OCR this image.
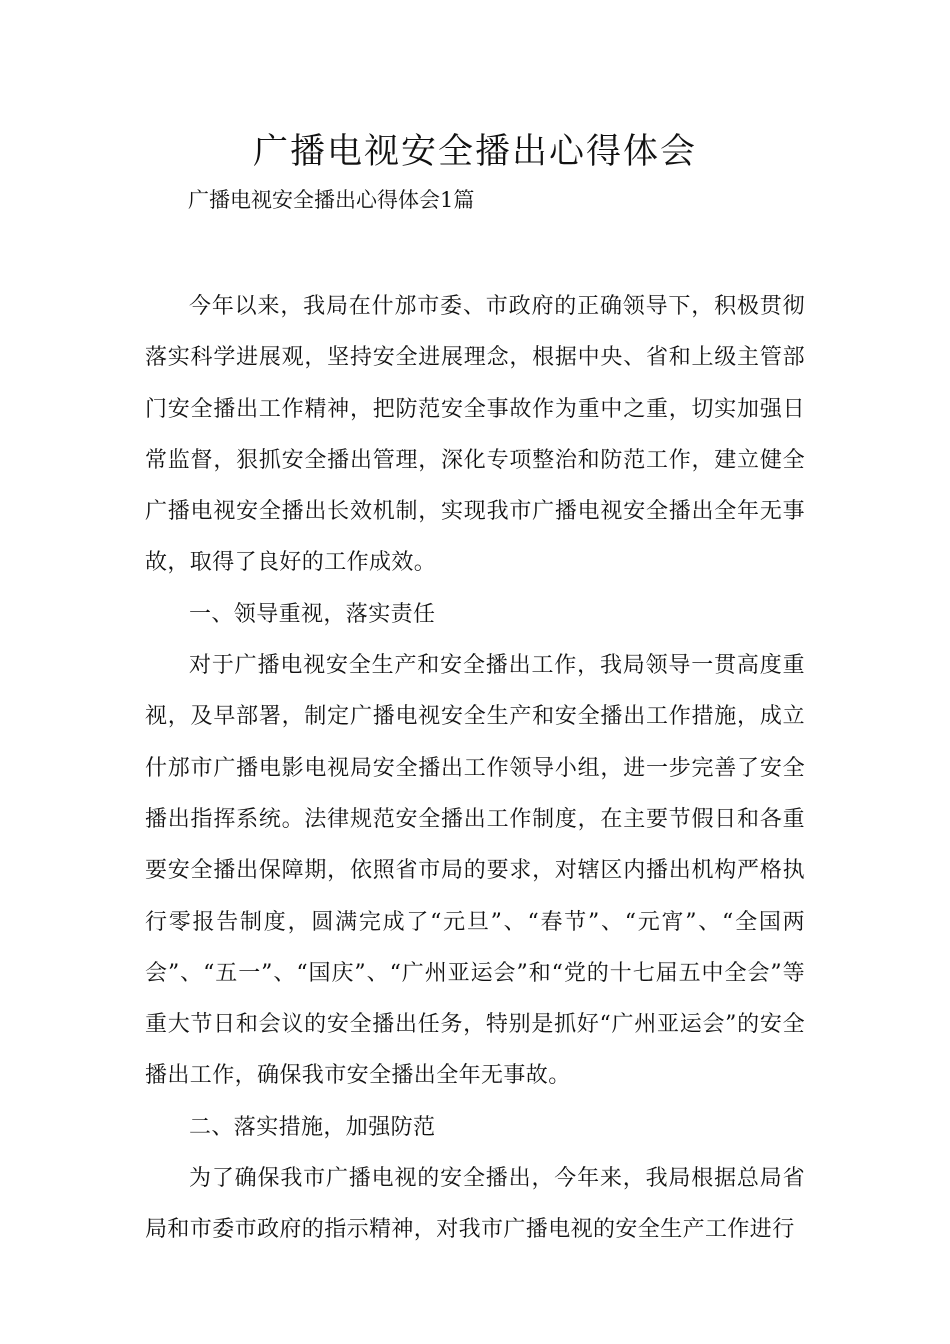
广播电视安全播出心得体会
广播电视安全播出心得体会1篇

今年以来，我局在什邡市委、市政府的正确领导下，积极贯彻落实科学进展观，坚持安全进展理念，根据中央、省和上级主管部门安全播出工作精神，把防范安全事故作为重中之重，切实加强日常监督，狠抓安全播出管理，深化专项整治和防范工作，建立健全广播电视安全播出长效机制，实现我市广播电视安全播出全年无事故，取得了良好的工作成效。

一、领导重视，落实责任

对于广播电视安全生产和安全播出工作，我局领导一贯高度重视，及早部署，制定广播电视安全生产和安全播出工作措施，成立什邡市广播电影电视局安全播出工作领导小组，进一步完善了安全播出指挥系统。法律规范安全播出工作制度，在主要节假日和各重要安全播出保障期，依照省市局的要求，对辖区内播出机构严格执行零报告制度，圆满完成了“元旦”、“春节”、“元宵”、“全国两会”、“五一”、“国庆”、“广州亚运会”和“党的十七届五中全会”等重大节日和会议的安全播出任务，特别是抓好“广州亚运会”的安全播出工作，确保我市安全播出全年无事故。

二、落实措施，加强防范

为了确保我市广播电视的安全播出，今年来，我局根据总局省局和市委市政府的指示精神，对我市广播电视的安全生产工作进行
